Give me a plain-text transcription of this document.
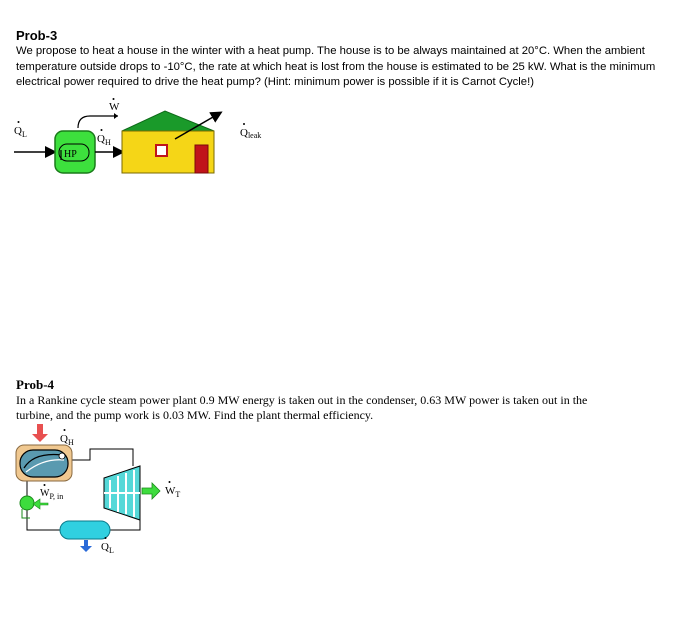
Prob-3
We propose to heat a house in the winter with a heat pump. The house is to be always maintained at 20°C. When the ambient temperature outside drops to -10°C, the rate at which heat is lost from the house is estimated to be 25 kW. What is the minimum electrical power required to drive the heat pump? (Hint: minimum power is possible if it is Carnot Cycle!)
W
$Q_L$
HP
$Q_H$
Qleak
$Q_H$
$W_T$
$W_{P, in}$
$Q_L$
Prob-4
In a Rankine cycle steam power plant 0.9 MW energy is taken out in the condenser, 0.63 MW power is taken out in the turbine, and the pump work is 0.03 MW. Find the plant thermal efficiency.
